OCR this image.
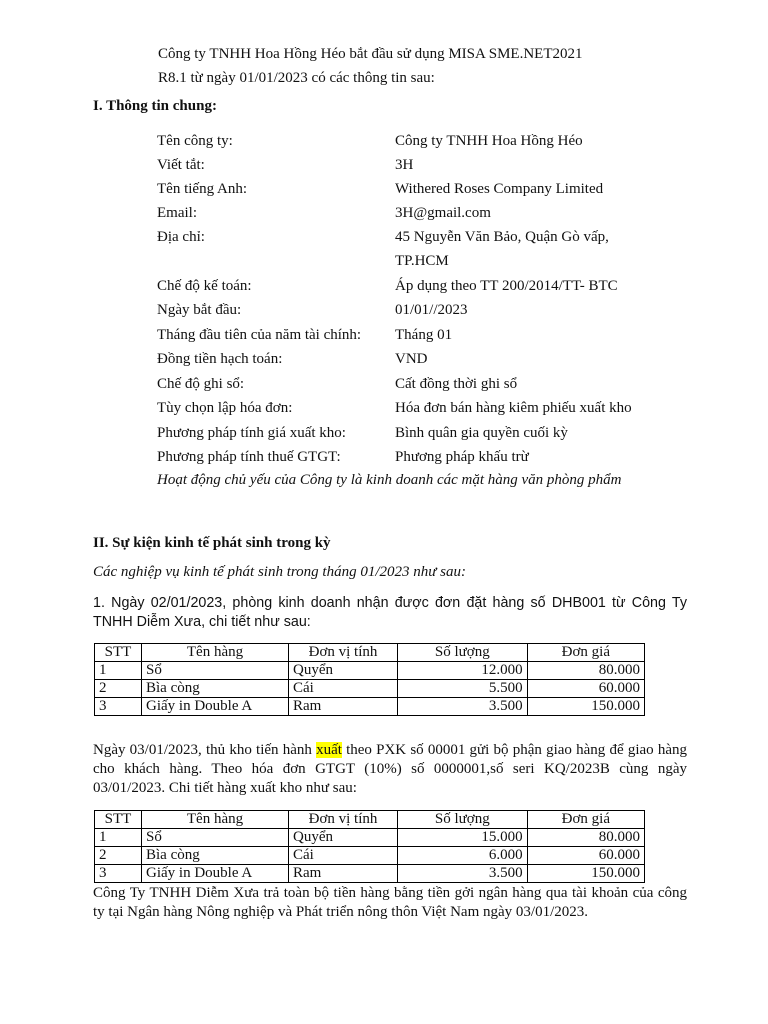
Công ty TNHH Hoa Hồng Héo bắt đầu sử dụng MISA SME.NET2021
R8.1 từ ngày 01/01/2023 có các thông tin sau:
I. Thông tin chung:
Tên công ty:	Công ty TNHH Hoa Hồng Héo
Viết tắt:	3H
Tên tiếng Anh:	Withered Roses Company Limited
Email:	3H@gmail.com
Địa chỉ:	45 Nguyễn Văn Bảo, Quận Gò vấp,
TP.HCM
Chế độ kế toán:	Áp dụng theo TT 200/2014/TT- BTC
Ngày bắt đầu:	01/01//2023
Tháng đầu tiên của năm tài chính: Tháng 01
Đồng tiền hạch toán:	VND
Chế độ ghi sổ:	Cất đồng thời ghi sổ
Tùy chọn lập hóa đơn:	Hóa đơn bán hàng kiêm phiếu xuất kho
Phương pháp tính giá xuất kho:	Bình quân gia quyền cuối kỳ
Phương pháp tính thuế GTGT:	Phương pháp khấu trừ
Hoạt động chủ yếu của Công ty là kinh doanh các mặt hàng văn phòng phẩm
II. Sự kiện kinh tế phát sinh trong kỳ
Các nghiệp vụ kinh tế phát sinh trong tháng 01/2023 như sau:
1. Ngày 02/01/2023, phòng kinh doanh nhận được đơn đặt hàng số DHB001 từ Công Ty TNHH Diễm Xưa, chi tiết như sau:
STT	Tên hàng	Đơn vị tính	Số lượng	Đơn giá
1	Sổ	Quyển	12.000	80.000
2	Bìa còng	Cái	5.500	60.000
3	Giấy in Double A	Ram	3.500	150.000
Ngày 03/01/2023, thủ kho tiến hành xuất theo PXK số 00001 gửi bộ phận giao hàng để giao hàng cho khách hàng. Theo hóa đơn GTGT (10%) số 0000001,số seri KQ/2023B cùng ngày 03/01/2023. Chi tiết hàng xuất kho như sau:
STT	Tên hàng	Đơn vị tính	Số lượng	Đơn giá
1	Sổ	Quyển	15.000	80.000
2	Bìa còng	Cái	6.000	60.000
3	Giấy in Double A	Ram	3.500	150.000
Công Ty TNHH Diễm Xưa trả toàn bộ tiền hàng bằng tiền gởi ngân hàng qua tài khoản của công ty tại Ngân hàng Nông nghiệp và Phát triển nông thôn Việt Nam ngày 03/01/2023.
